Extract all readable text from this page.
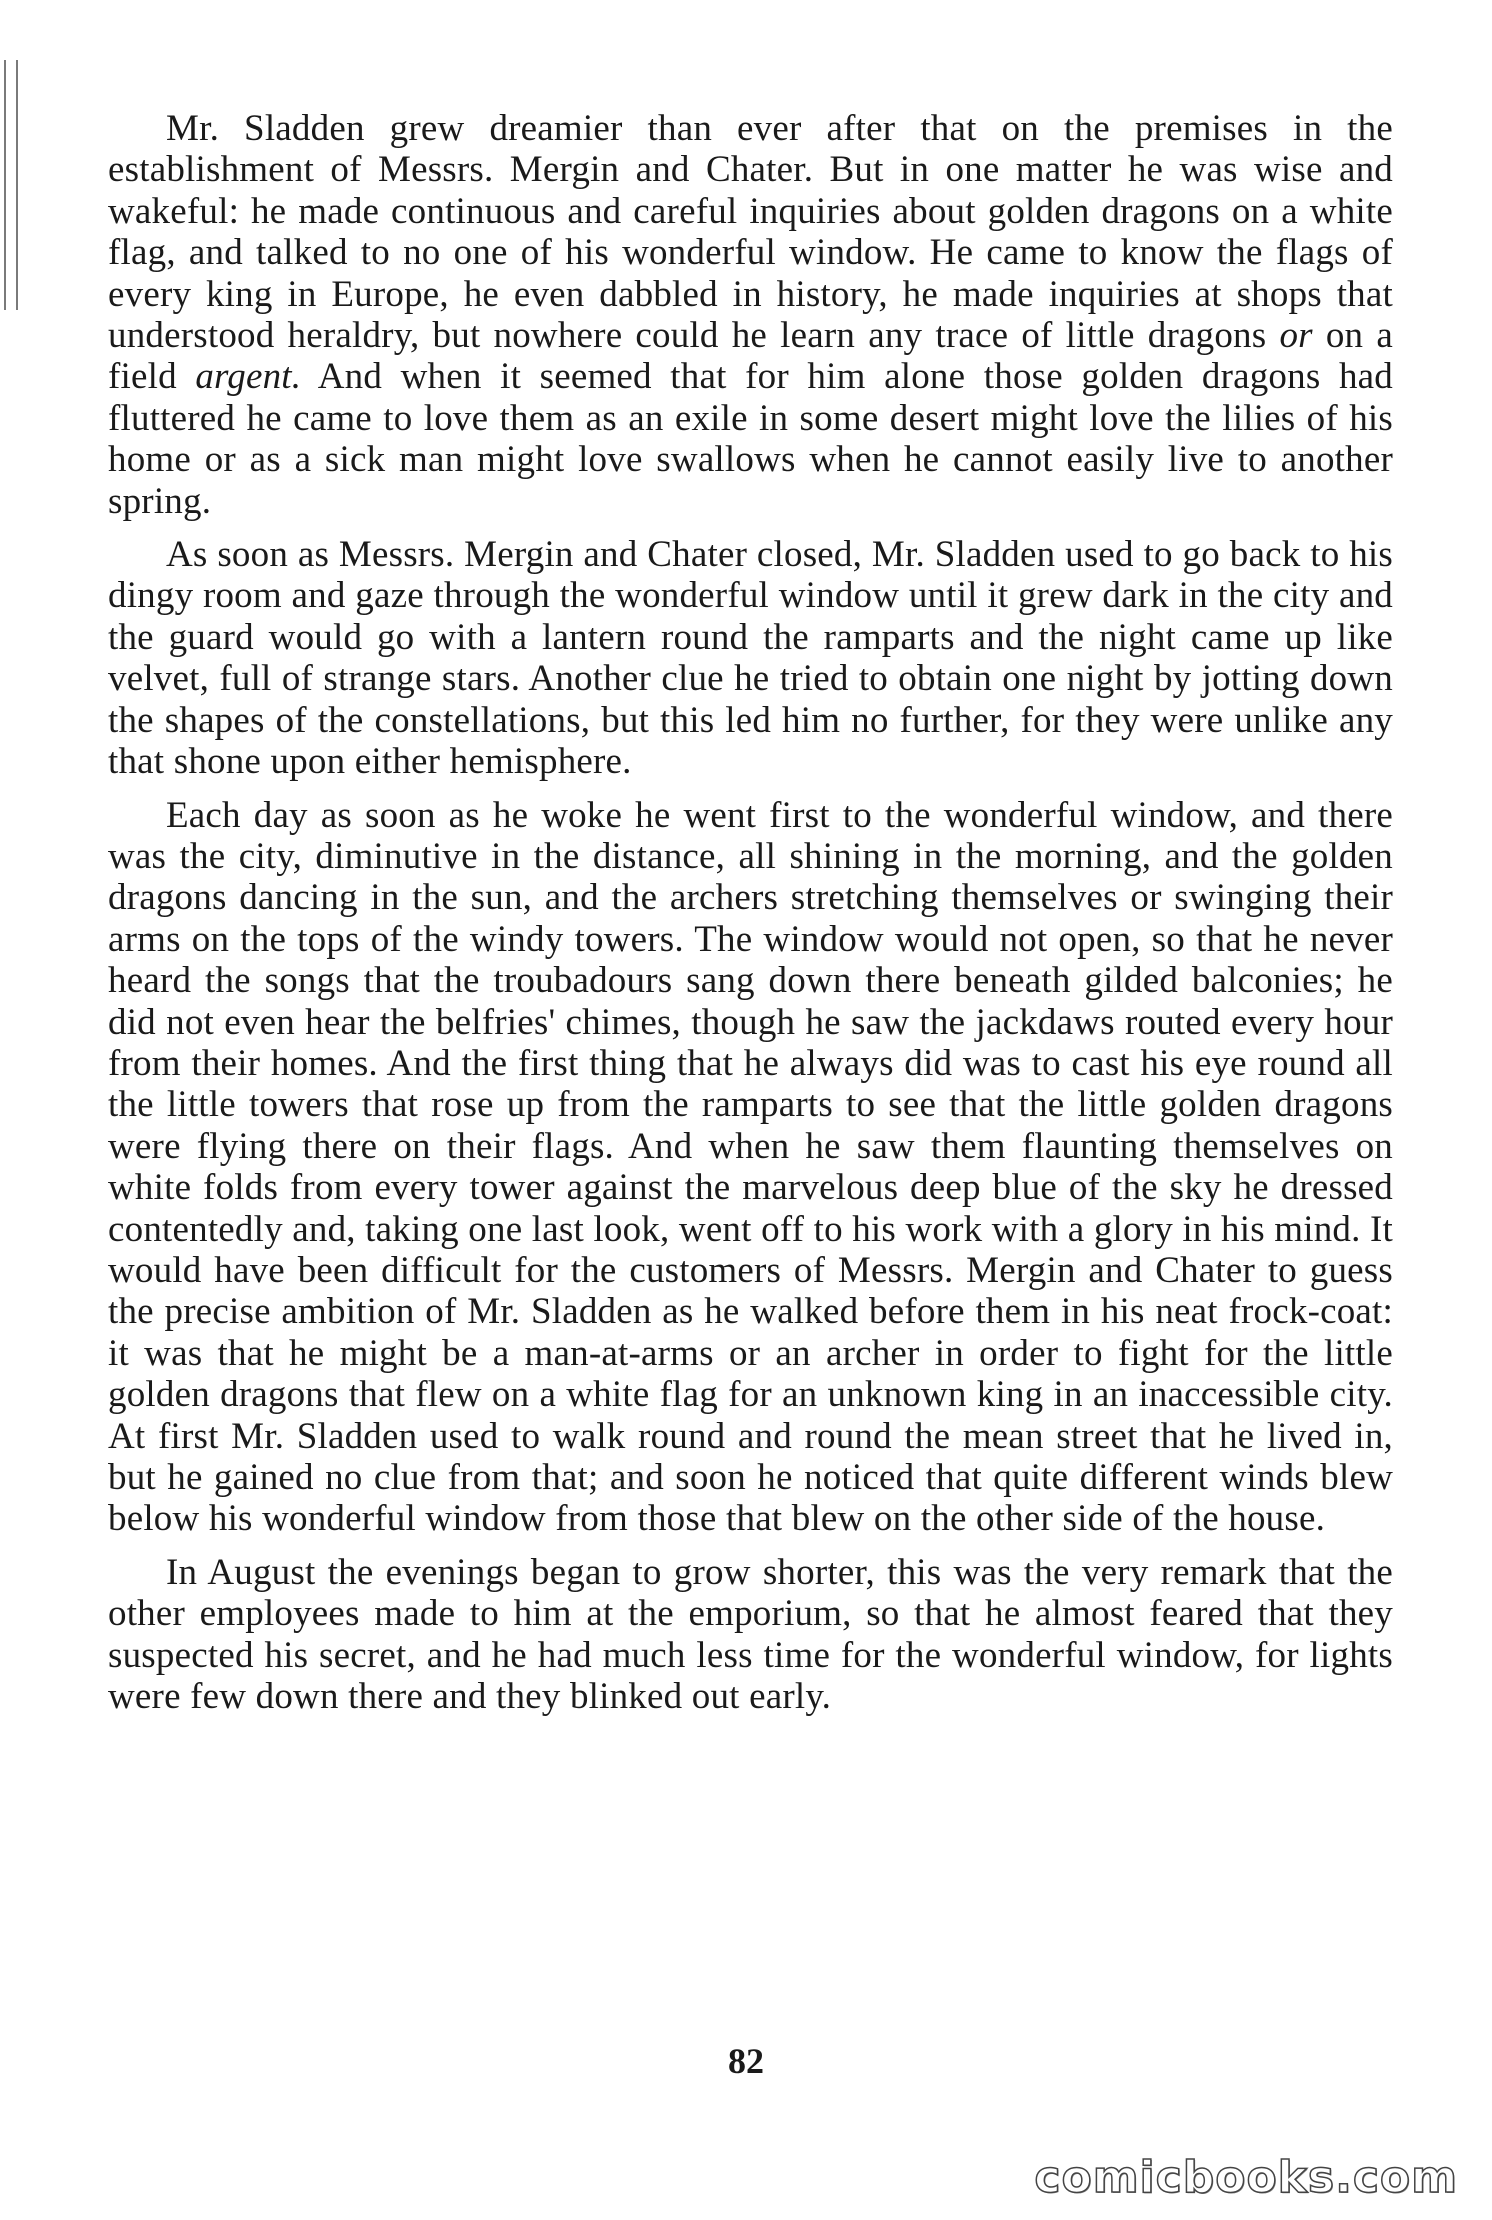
Mr. Sladden grew dreamier than ever after that on the premises in the establishment of Messrs. Mergin and Chater. But in one matter he was wise and wakeful: he made continuous and careful inquiries about golden dragons on a white flag, and talked to no one of his wonderful window. He came to know the flags of every king in Europe, he even dabbled in history, he made inquiries at shops that understood heraldry, but nowhere could he learn any trace of little dragons or on a field argent. And when it seemed that for him alone those golden dragons had fluttered he came to love them as an exile in some desert might love the lilies of his home or as a sick man might love swallows when he cannot easily live to another spring.

As soon as Messrs. Mergin and Chater closed, Mr. Sladden used to go back to his dingy room and gaze through the wonderful window until it grew dark in the city and the guard would go with a lantern round the ramparts and the night came up like velvet, full of strange stars. Another clue he tried to obtain one night by jotting down the shapes of the constellations, but this led him no further, for they were unlike any that shone upon either hemisphere.

Each day as soon as he woke he went first to the wonderful window, and there was the city, diminutive in the distance, all shining in the morning, and the golden dragons dancing in the sun, and the archers stretching themselves or swinging their arms on the tops of the windy towers. The window would not open, so that he never heard the songs that the troubadours sang down there beneath gilded balconies; he did not even hear the belfries' chimes, though he saw the jackdaws routed every hour from their homes. And the first thing that he always did was to cast his eye round all the little towers that rose up from the ramparts to see that the little golden dragons were flying there on their flags. And when he saw them flaunting themselves on white folds from every tower against the marvelous deep blue of the sky he dressed contentedly and, taking one last look, went off to his work with a glory in his mind. It would have been difficult for the customers of Messrs. Mergin and Chater to guess the precise ambition of Mr. Sladden as he walked before them in his neat frock-coat: it was that he might be a man-at-arms or an archer in order to fight for the little golden dragons that flew on a white flag for an unknown king in an inaccessible city. At first Mr. Sladden used to walk round and round the mean street that he lived in, but he gained no clue from that; and soon he noticed that quite different winds blew below his wonderful window from those that blew on the other side of the house.

In August the evenings began to grow shorter, this was the very remark that the other employees made to him at the emporium, so that he almost feared that they suspected his secret, and he had much less time for the wonderful window, for lights were few down there and they blinked out early.

82
comicbooks.com
